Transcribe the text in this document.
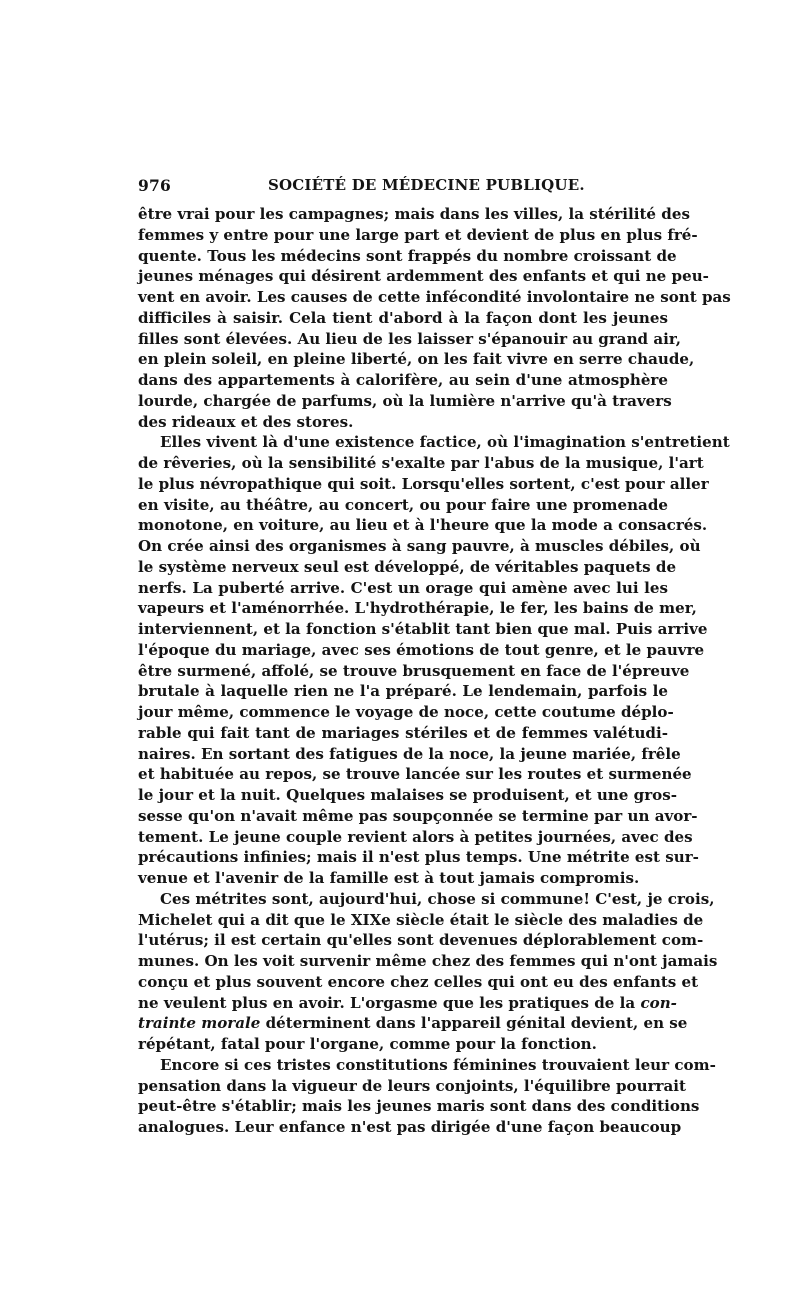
976	SOCIÉTÉ DE MÉDECINE PUBLIQUE.
être vrai pour les campagnes; mais dans les villes, la stérilité des
femmes y entre pour une large part et devient de plus en plus fré-
quente. Tous les médecins sont frappés du nombre croissant de
jeunes ménages qui désirent ardemment des enfants et qui ne peu-
vent en avoir. Les causes de cette infécondité involontaire ne sont pas
difficiles à saisir. Cela tient d'abord à la façon dont les jeunes
filles sont élevées. Au lieu de les laisser s'épanouir au grand air,
en plein soleil, en pleine liberté, on les fait vivre en serre chaude,
dans des appartements à calorifère, au sein d'une atmosphère
lourde, chargée de parfums, où la lumière n'arrive qu'à travers
des rideaux et des stores.
Elles vivent là d'une existence factice, où l'imagination s'entretient
de rêveries, où la sensibilité s'exalte par l'abus de la musique, l'art
le plus névropathique qui soit. Lorsqu'elles sortent, c'est pour aller
en visite, au théâtre, au concert, ou pour faire une promenade
monotone, en voiture, au lieu et à l'heure que la mode a consacrés.
On crée ainsi des organismes à sang pauvre, à muscles débiles, où
le système nerveux seul est développé, de véritables paquets de
nerfs. La puberté arrive. C'est un orage qui amène avec lui les
vapeurs et l'aménorrhée. L'hydrothérapie, le fer, les bains de mer,
interviennent, et la fonction s'établit tant bien que mal. Puis arrive
l'époque du mariage, avec ses émotions de tout genre, et le pauvre
être surmené, affolé, se trouve brusquement en face de l'épreuve
brutale à laquelle rien ne l'a préparé. Le lendemain, parfois le
jour même, commence le voyage de noce, cette coutume déplo-
rable qui fait tant de mariages stériles et de femmes valétudi-
naires. En sortant des fatigues de la noce, la jeune mariée, frêle
et habituée au repos, se trouve lancée sur les routes et surmenée
le jour et la nuit. Quelques malaises se produisent, et une gros-
sesse qu'on n'avait même pas soupçonnée se termine par un avor-
tement. Le jeune couple revient alors à petites journées, avec des
précautions infinies; mais il n'est plus temps. Une métrite est sur-
venue et l'avenir de la famille est à tout jamais compromis.
Ces métrites sont, aujourd'hui, chose si commune! C'est, je crois,
Michelet qui a dit que le XIXe siècle était le siècle des maladies de
l'utérus; il est certain qu'elles sont devenues déplorablement com-
munes. On les voit survenir même chez des femmes qui n'ont jamais
conçu et plus souvent encore chez celles qui ont eu des enfants et
ne veulent plus en avoir. L'orgasme que les pratiques de la con-
trainte morale déterminent dans l'appareil génital devient, en se
répétant, fatal pour l'organe, comme pour la fonction.
Encore si ces tristes constitutions féminines trouvaient leur com-
pensation dans la vigueur de leurs conjoints, l'équilibre pourrait
peut-être s'établir; mais les jeunes maris sont dans des conditions
analogues. Leur enfance n'est pas dirigée d'une façon beaucoup
